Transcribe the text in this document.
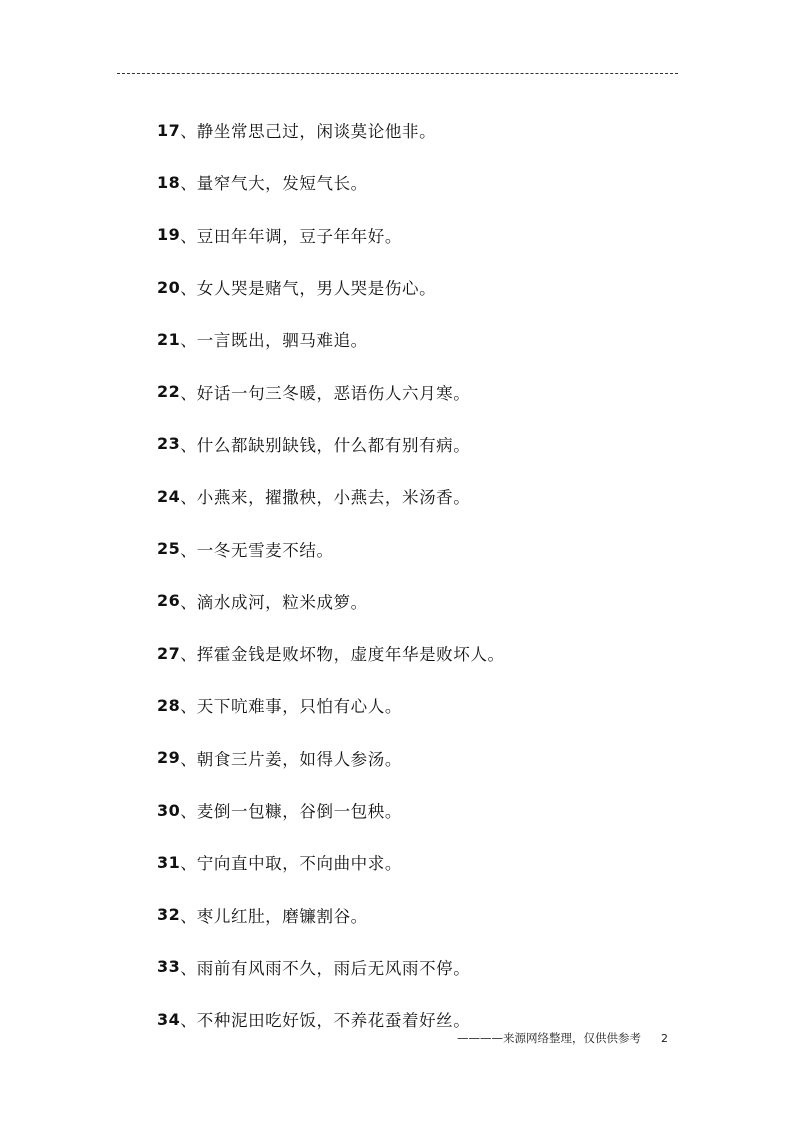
17 、 静坐常思己过，闲谈莫论他非。
18 、 量窄气大，发短气长。
19 、 豆田年年调，豆子年年好。
20 、 女人哭是赌气，男人哭是伤心。
21 、 一言既出，驷马难追。
22 、 好话一句三冬暖，恶语伤人六月寒。
23 、 什么都缺别缺钱，什么都有别有病。
24 、 小燕来，擢撒秧，小燕去，米汤香。
25 、 一冬无雪麦不结。
26 、 滴水成河，粒米成箩。
27 、 挥霍金钱是败坏物，虚度年华是败坏人。
28 、 天下吭难事，只怕有心人。
29 、 朝食三片姜，如得人参汤。
30 、 麦倒一包糠，谷倒一包秧。
31 、 宁向直中取，不向曲中求。
32 、 枣儿红肚，磨镰割谷。
33 、 雨前有风雨不久，雨后无风雨不停。
34 、 不种泥田吃好饭，不养花蚕着好丝。
————来源网络整理，仅供供参考 2
